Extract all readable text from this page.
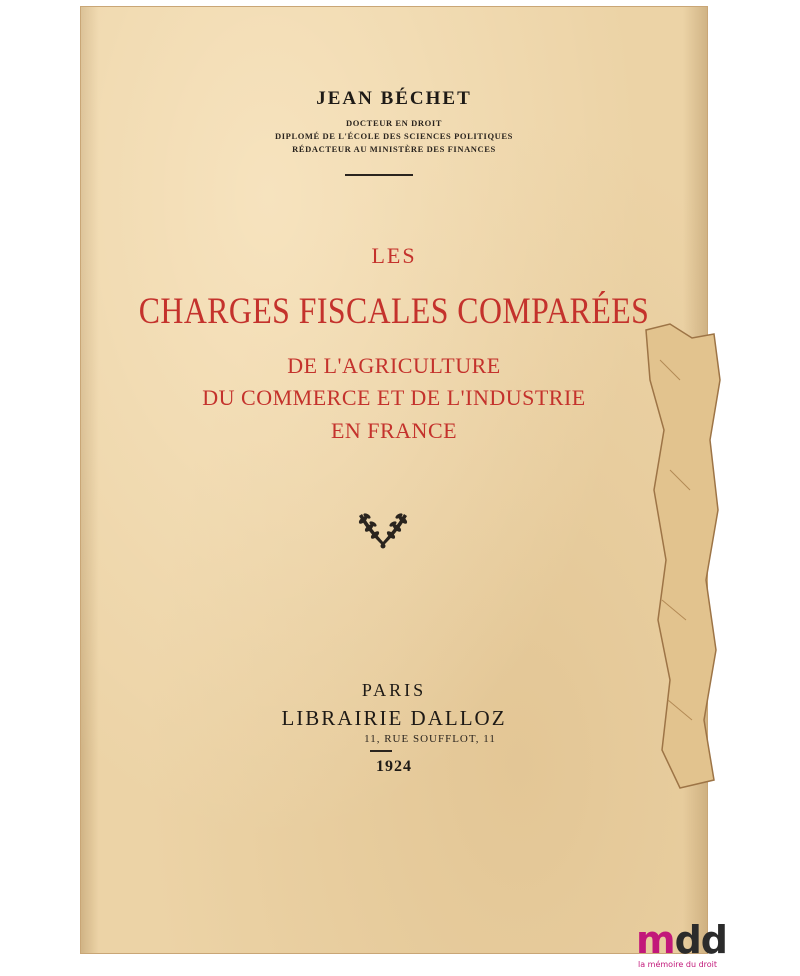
JEAN BÉCHET
DOCTEUR EN DROIT
DIPLOMÉ DE L'ÉCOLE DES SCIENCES POLITIQUES
RÉDACTEUR AU MINISTÈRE DES FINANCES
LES
CHARGES FISCALES COMPARÉES
DE L'AGRICULTURE
DU COMMERCE ET DE L'INDUSTRIE
EN FRANCE
PARIS
LIBRAIRIE DALLOZ
11, RUE SOUFFLOT, 11
1924
mdd
la mémoire du droit
